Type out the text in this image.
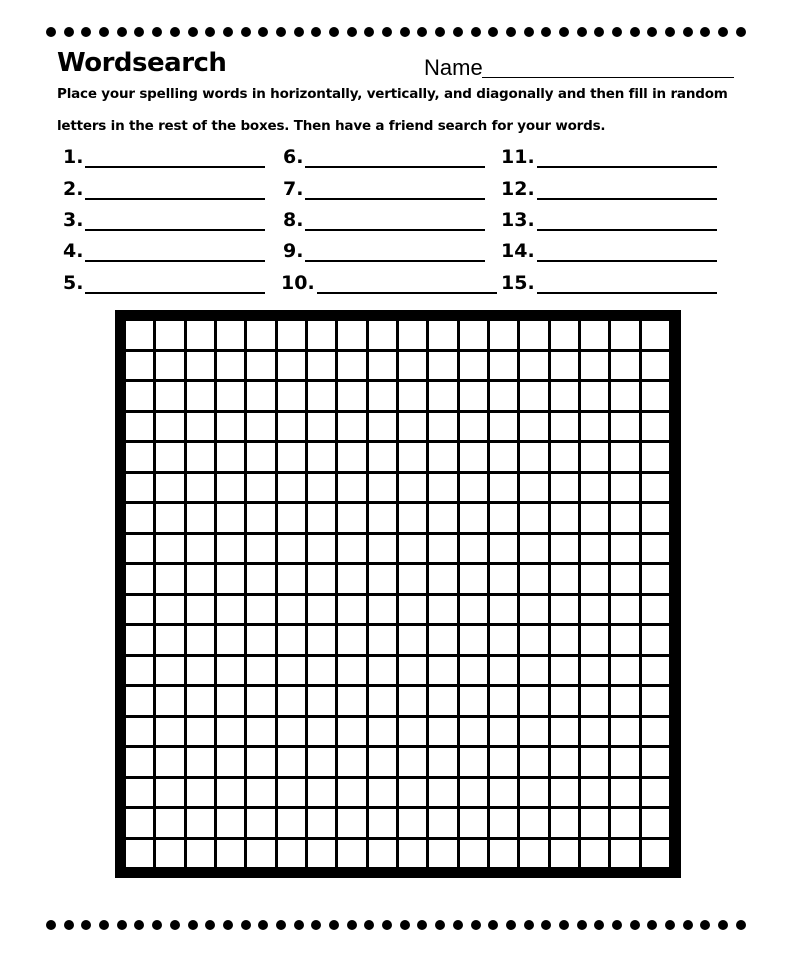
Wordsearch	Name
Place your spelling words in horizontally, vertically, and diagonally and then fill in random
letters in the rest of the boxes. Then have a friend search for your words.
1.
2.
3.
4.
5.
6.
7.
8.
9.
10.
11.
12.
13.
14.
15.
